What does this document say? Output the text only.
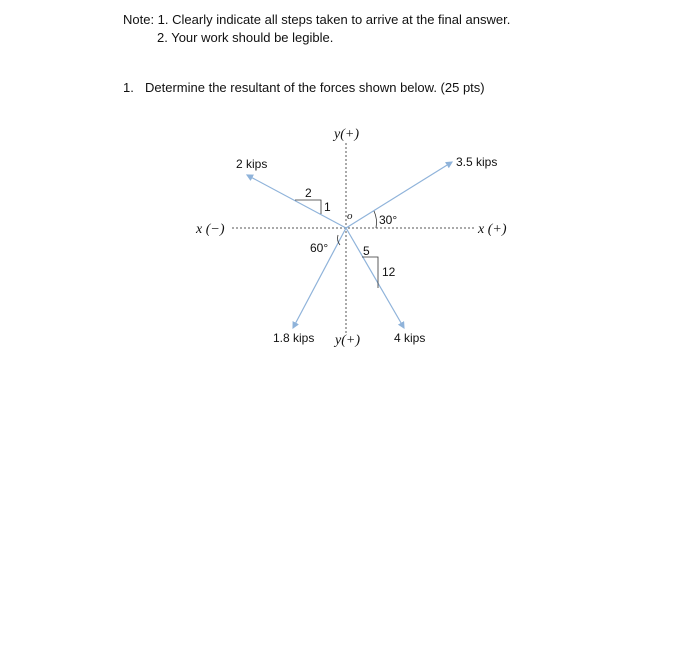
Note: 1. Clearly indicate all steps taken to arrive at the final answer.
2. Your work should be legible.
1. Determine the resultant of the forces shown below. (25 pts)
y(+)
y(+)
x (−)	x (+)
o
3.5 kips
2 kips
1.8 kips	4 kips
30°
2
1
60°	5
12
